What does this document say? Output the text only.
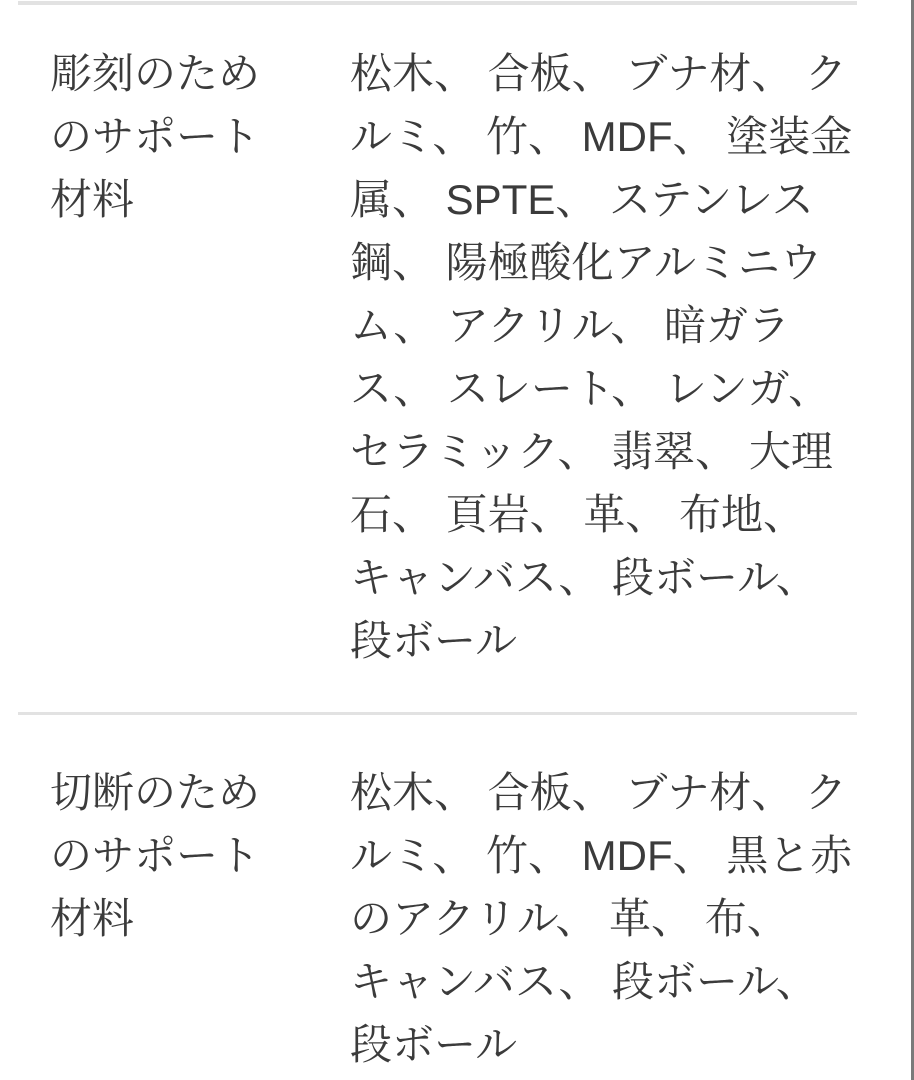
彫刻のため
のサポート
材料
松木、 合板、 ブナ材、 ク
ルミ、 竹、 MDF、 塗装金
属、 SPTE、 ステンレス
鋼、 陽極酸化アルミニウ
ム、 アクリル、 暗ガラ
ス、 スレート、 レンガ、
セラミック、 翡翠、 大理
石、 頁岩、 革、 布地、
キャンバス、 段ボール、
段ボール
切断のため
のサポート
材料
松木、 合板、 ブナ材、 ク
ルミ、 竹、 MDF、 黒と赤
のアクリル、 革、 布、
キャンバス、 段ボール、
段ボール
